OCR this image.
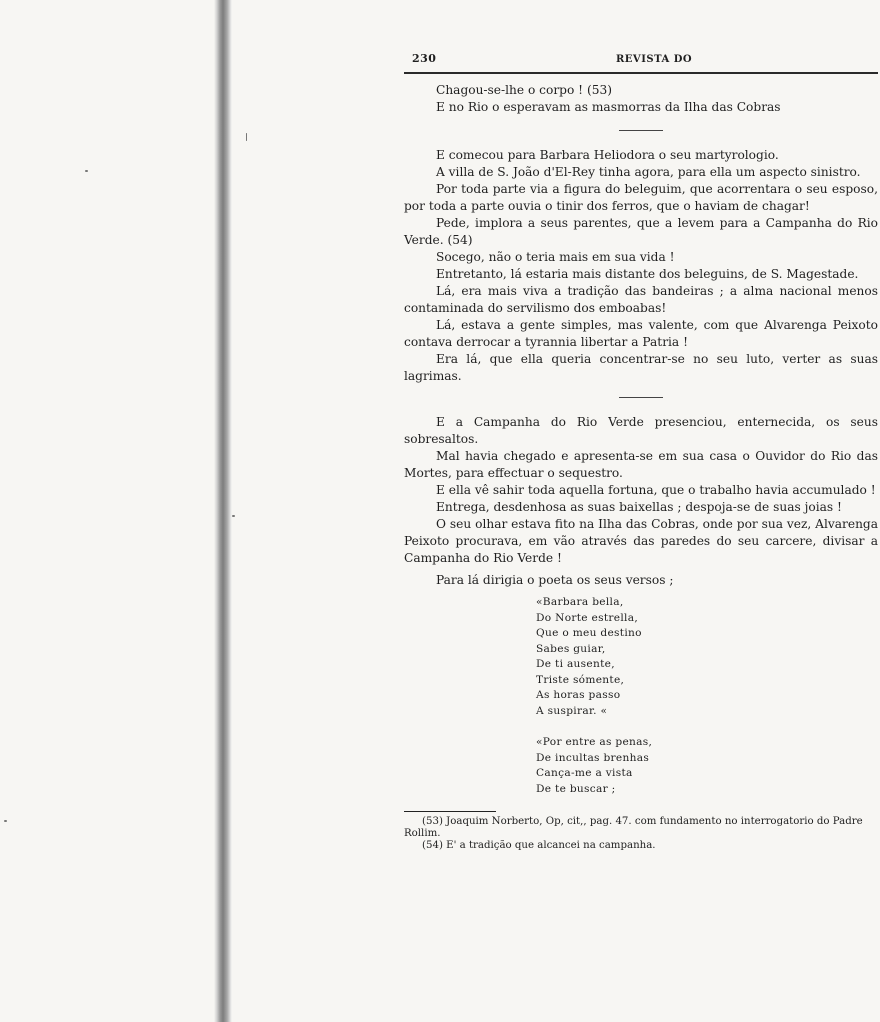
230	REVISTA DO

Chagou-se-lhe o corpo ! (53)

E no Rio o esperavam as masmorras da Ilha das Cobras

E comecou para Barbara Heliodora o seu martyrologio.

A villa de S. João d'El-Rey tinha agora, para ella um aspecto sinistro.

Por toda parte via a figura do beleguim, que acorrentara o seu esposo, por toda a parte ouvia o tinir dos ferros, que o haviam de chagar!

Pede, implora a seus parentes, que a levem para a Campanha do Rio Verde. (54)

Socego, não o teria mais em sua vida !

Entretanto, lá estaria mais distante dos beleguins, de S. Magestade.

Lá, era mais viva a tradição das bandeiras ; a alma nacional menos contaminada do servilismo dos emboabas!

Lá, estava a gente simples, mas valente, com que Alvarenga Peixoto contava derrocar a tyrannia libertar a Patria !

Era lá, que ella queria concentrar-se no seu luto, verter as suas lagrimas.

E a Campanha do Rio Verde presenciou, enternecida, os seus sobresaltos.

Mal havia chegado e apresenta-se em sua casa o Ouvidor do Rio das Mortes, para effectuar o sequestro.

E ella vê sahir toda aquella fortuna, que o trabalho havia accumulado !

Entrega, desdenhosa as suas baixellas ; despoja-se de suas joias !

O seu olhar estava fito na Ilha das Cobras, onde por sua vez, Alvarenga Peixoto procurava, em vão através das paredes do seu carcere, divisar a Campanha do Rio Verde !

Para lá dirigia o poeta os seus versos ;

«Barbara bella,
Do Norte estrella,
Que o meu destino
Sabes guiar,
De ti ausente,
Triste sómente,
As horas passo
A suspirar. «
«Por entre as penas,
De incultas brenhas
Cança-me a vista
De te buscar ;

(53) Joaquim Norberto, Op, cit,, pag. 47. com fundamento no interrogatorio do Padre Rollim.

(54) E' a tradição que alcancei na campanha.
